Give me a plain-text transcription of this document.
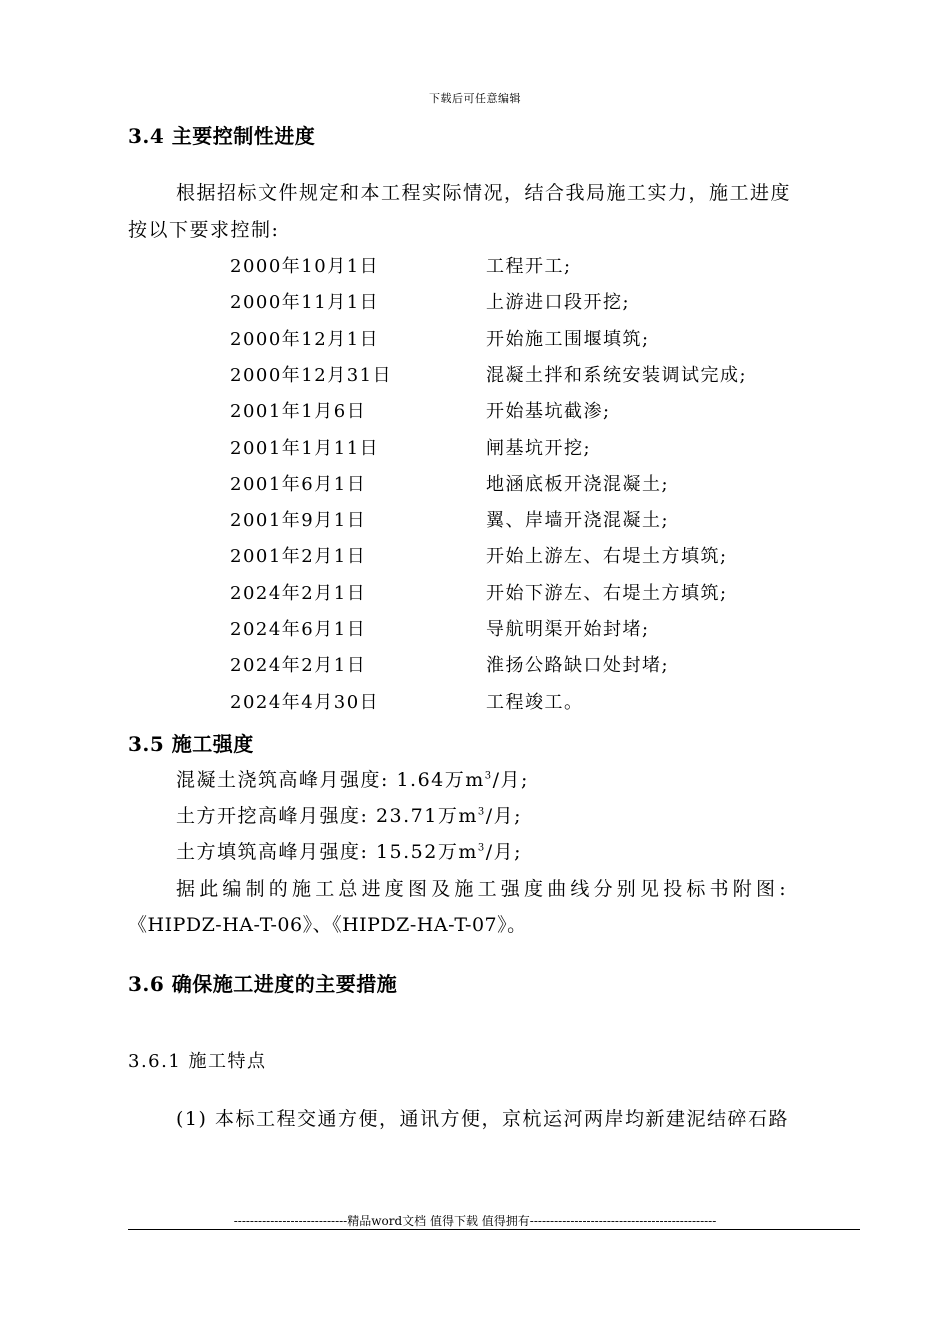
下载后可任意编辑
3.4 主要控制性进度
根据招标文件规定和本工程实际情况，结合我局施工实力，施工进度
按以下要求控制:
2000年10月1日	工程开工;
2000年11月1日	上游进口段开挖;
2000年12月1日	开始施工围堰填筑;
2000年12月31日	混凝土拌和系统安装调试完成;
2001年1月6日	开始基坑截渗;
2001年1月11日	闸基坑开挖;
2001年6月1日	地涵底板开浇混凝土;
2001年9月1日	翼、岸墙开浇混凝土;
2001年2月1日	开始上游左、右堤土方填筑;
2024年2月1日	开始下游左、右堤土方填筑;
2024年6月1日	导航明渠开始封堵;
2024年2月1日	淮扬公路缺口处封堵;
2024年4月30日	工程竣工。
3.5 施工强度
混凝土浇筑高峰月强度: 1.64万$m^3/$月;
土方开挖高峰月强度: 23.71万$m^3/$月;
土方填筑高峰月强度: 15.52万$m^3/$月;
据此编制的施工总进度图及施工强度曲线分别见投标书附图:
《HIPDZ-HA-T-06》、《HIPDZ-HA-T-07》。
3.6 确保施工进度的主要措施
3.6.1 施工特点
(1) 本标工程交通方便，通讯方便，京杭运河两岸均新建泥结碎石路
----------------------------精品word文档 值得下载 值得拥有----------------------------------------------
